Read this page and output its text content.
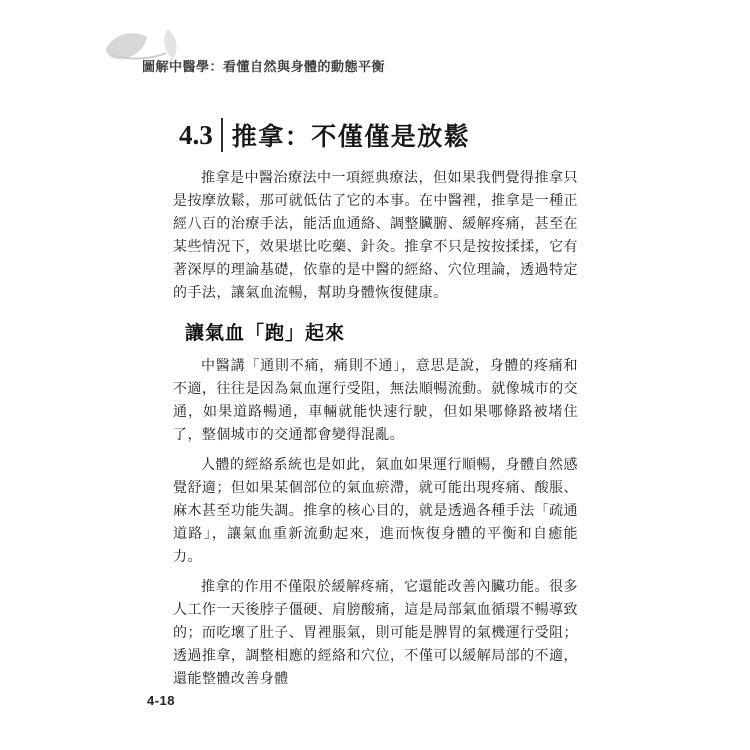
圖解中醫學：看懂自然與身體的動態平衡
4.3 推拿：不僅僅是放鬆

推拿是中醫治療法中一項經典療法，但如果我們覺得推拿只是按摩放鬆，那可就低估了它的本事。在中醫裡，推拿是一種正經八百的治療手法，能活血通絡、調整臟腑、緩解疼痛，甚至在某些情況下，效果堪比吃藥、針灸。推拿不只是按按揉揉，它有著深厚的理論基礎，依靠的是中醫的經絡、穴位理論，透過特定的手法，讓氣血流暢，幫助身體恢復健康。

讓氣血「跑」起來

中醫講「通則不痛，痛則不通」，意思是說，身體的疼痛和不適，往往是因為氣血運行受阻，無法順暢流動。就像城市的交通，如果道路暢通，車輛就能快速行駛，但如果哪條路被堵住了，整個城市的交通都會變得混亂。

人體的經絡系統也是如此，氣血如果運行順暢，身體自然感覺舒適；但如果某個部位的氣血瘀滯，就可能出現疼痛、酸脹、麻木甚至功能失調。推拿的核心目的，就是透過各種手法「疏通道路」，讓氣血重新流動起來，進而恢復身體的平衡和自癒能力。

推拿的作用不僅限於緩解疼痛，它還能改善內臟功能。很多人工作一天後脖子僵硬、肩膀酸痛，這是局部氣血循環不暢導致的；而吃壞了肚子、胃裡脹氣，則可能是脾胃的氣機運行受阻；透過推拿，調整相應的經絡和穴位，不僅可以緩解局部的不適，還能整體改善身體

4-18
